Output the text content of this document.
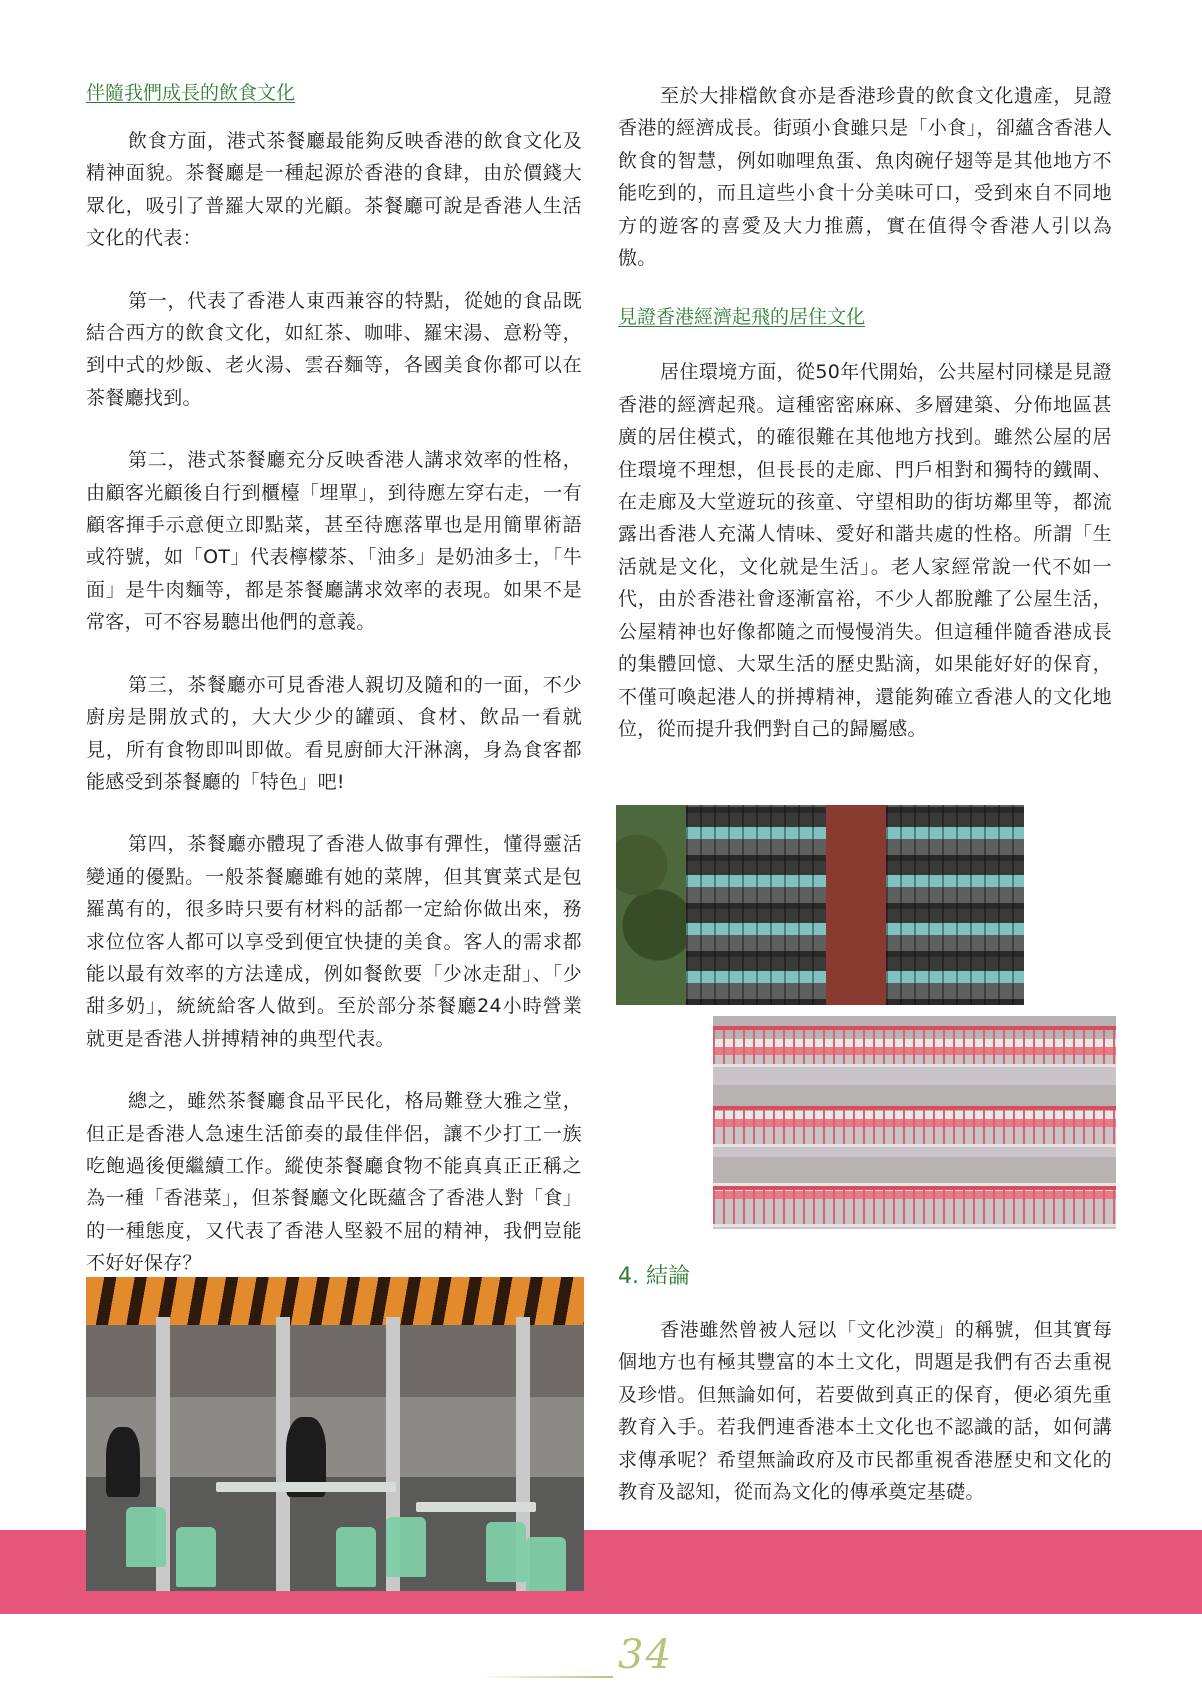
伴隨我們成長的飲食文化

飲食方面，港式茶餐廳最能夠反映香港的飲食文化及精神面貌。茶餐廳是一種起源於香港的食肆，由於價錢大眾化，吸引了普羅大眾的光顧。茶餐廳可說是香港人生活文化的代表：

第一，代表了香港人東西兼容的特點，從她的食品既結合西方的飲食文化，如紅茶、咖啡、羅宋湯、意粉等，到中式的炒飯、老火湯、雲吞麵等，各國美食你都可以在茶餐廳找到。

第二，港式茶餐廳充分反映香港人講求效率的性格，由顧客光顧後自行到櫃檯「埋單」，到待應左穿右走，一有顧客揮手示意便立即點菜，甚至待應落單也是用簡單術語或符號，如「OT」代表檸檬茶、「油多」是奶油多士，「牛面」是牛肉麵等，都是茶餐廳講求效率的表現。如果不是常客，可不容易聽出他們的意義。

第三，茶餐廳亦可見香港人親切及隨和的一面，不少廚房是開放式的，大大少少的罐頭、食材、飲品一看就見，所有食物即叫即做。看見廚師大汗淋漓，身為食客都能感受到茶餐廳的「特色」吧!

第四，茶餐廳亦體現了香港人做事有彈性，懂得靈活變通的優點。一般茶餐廳雖有她的菜牌，但其實菜式是包羅萬有的，很多時只要有材料的話都一定給你做出來，務求位位客人都可以享受到便宜快捷的美食。客人的需求都能以最有效率的方法達成，例如餐飲要「少冰走甜」、「少甜多奶」，統統給客人做到。至於部分茶餐廳24小時營業就更是香港人拼搏精神的典型代表。

總之，雖然茶餐廳食品平民化，格局難登大雅之堂，但正是香港人急速生活節奏的最佳伴侶，讓不少打工一族吃飽過後便繼續工作。縱使茶餐廳食物不能真真正正稱之為一種「香港菜」，但茶餐廳文化既蘊含了香港人對「食」的一種態度，又代表了香港人堅毅不屈的精神，我們豈能不好好保存？

至於大排檔飲食亦是香港珍貴的飲食文化遺產，見證香港的經濟成長。街頭小食雖只是「小食」，卻蘊含香港人飲食的智慧，例如咖哩魚蛋、魚肉碗仔翅等是其他地方不能吃到的，而且這些小食十分美味可口，受到來自不同地方的遊客的喜愛及大力推薦，實在值得令香港人引以為傲。

見證香港經濟起飛的居住文化

居住環境方面，從50年代開始，公共屋村同樣是見證香港的經濟起飛。這種密密麻麻、多層建築、分佈地區甚廣的居住模式，的確很難在其他地方找到。雖然公屋的居住環境不理想，但長長的走廊、門戶相對和獨特的鐵閘、在走廊及大堂遊玩的孩童、守望相助的街坊鄰里等，都流露出香港人充滿人情味、愛好和諧共處的性格。所謂「生活就是文化，文化就是生活」。老人家經常說一代不如一代，由於香港社會逐漸富裕，不少人都脫離了公屋生活，公屋精神也好像都隨之而慢慢消失。但這種伴隨香港成長的集體回憶、大眾生活的歷史點滴，如果能好好的保育，不僅可喚起港人的拼搏精神，還能夠確立香港人的文化地位，從而提升我們對自己的歸屬感。

4. 結論

香港雖然曾被人冠以「文化沙漠」的稱號，但其實每個地方也有極其豐富的本土文化，問題是我們有否去重視及珍惜。但無論如何，若要做到真正的保育，便必須先重教育入手。若我們連香港本土文化也不認識的話，如何講求傳承呢？希望無論政府及市民都重視香港歷史和文化的教育及認知，從而為文化的傳承奠定基礎。

34
